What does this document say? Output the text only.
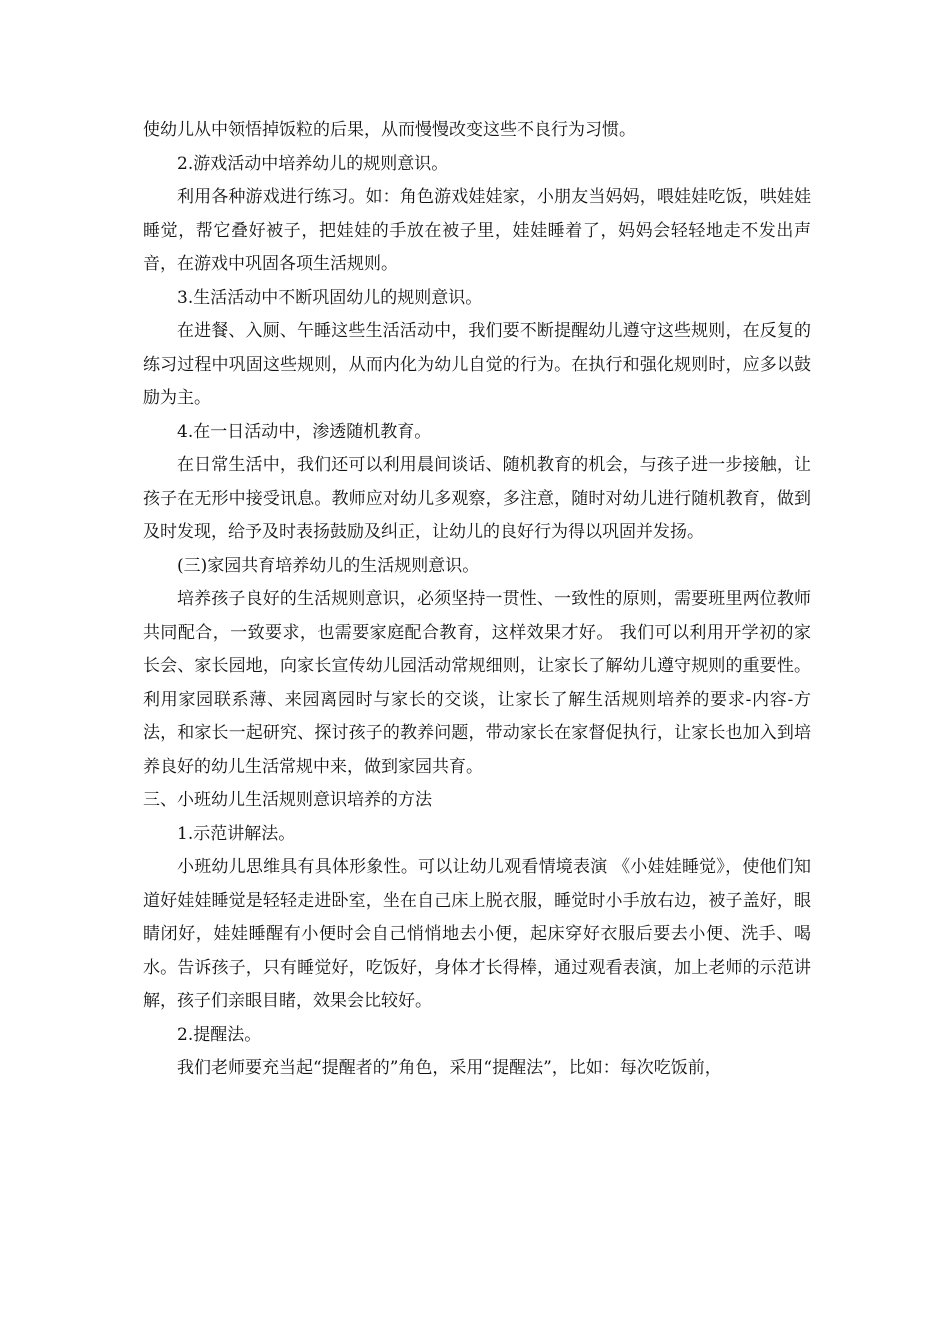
使幼儿从中领悟掉饭粒的后果，从而慢慢改变这些不良行为习惯。

2.游戏活动中培养幼儿的规则意识。

利用各种游戏进行练习。如：角色游戏娃娃家，小朋友当妈妈，喂娃娃吃饭，哄娃娃睡觉，帮它叠好被子，把娃娃的手放在被子里，娃娃睡着了，妈妈会轻轻地走不发出声音，在游戏中巩固各项生活规则。

3.生活活动中不断巩固幼儿的规则意识。

在进餐、入厕、午睡这些生活活动中，我们要不断提醒幼儿遵守这些规则，在反复的练习过程中巩固这些规则，从而内化为幼儿自觉的行为。在执行和强化规则时，应多以鼓励为主。

4.在一日活动中，渗透随机教育。

在日常生活中，我们还可以利用晨间谈话、随机教育的机会，与孩子进一步接触，让孩子在无形中接受讯息。教师应对幼儿多观察，多注意，随时对幼儿进行随机教育，做到及时发现，给予及时表扬鼓励及纠正，让幼儿的良好行为得以巩固并发扬。

(三)家园共育培养幼儿的生活规则意识。

培养孩子良好的生活规则意识，必须坚持一贯性、一致性的原则，需要班里两位教师共同配合，一致要求，也需要家庭配合教育，这样效果才好。 我们可以利用开学初的家长会、家长园地，向家长宣传幼儿园活动常规细则，让家长了解幼儿遵守规则的重要性。利用家园联系薄、来园离园时与家长的交谈，让家长了解生活规则培养的要求-内容-方法，和家长一起研究、探讨孩子的教养问题，带动家长在家督促执行，让家长也加入到培养良好的幼儿生活常规中来，做到家园共育。

三、小班幼儿生活规则意识培养的方法

1.示范讲解法。

小班幼儿思维具有具体形象性。可以让幼儿观看情境表演 《小娃娃睡觉》，使他们知道好娃娃睡觉是轻轻走进卧室，坐在自己床上脱衣服，睡觉时小手放右边，被子盖好，眼睛闭好，娃娃睡醒有小便时会自己悄悄地去小便，起床穿好衣服后要去小便、洗手、喝水。告诉孩子，只有睡觉好，吃饭好，身体才长得棒，通过观看表演，加上老师的示范讲解，孩子们亲眼目睹，效果会比较好。

2.提醒法。

我们老师要充当起“提醒者的”角色，采用“提醒法”，比如：每次吃饭前，
